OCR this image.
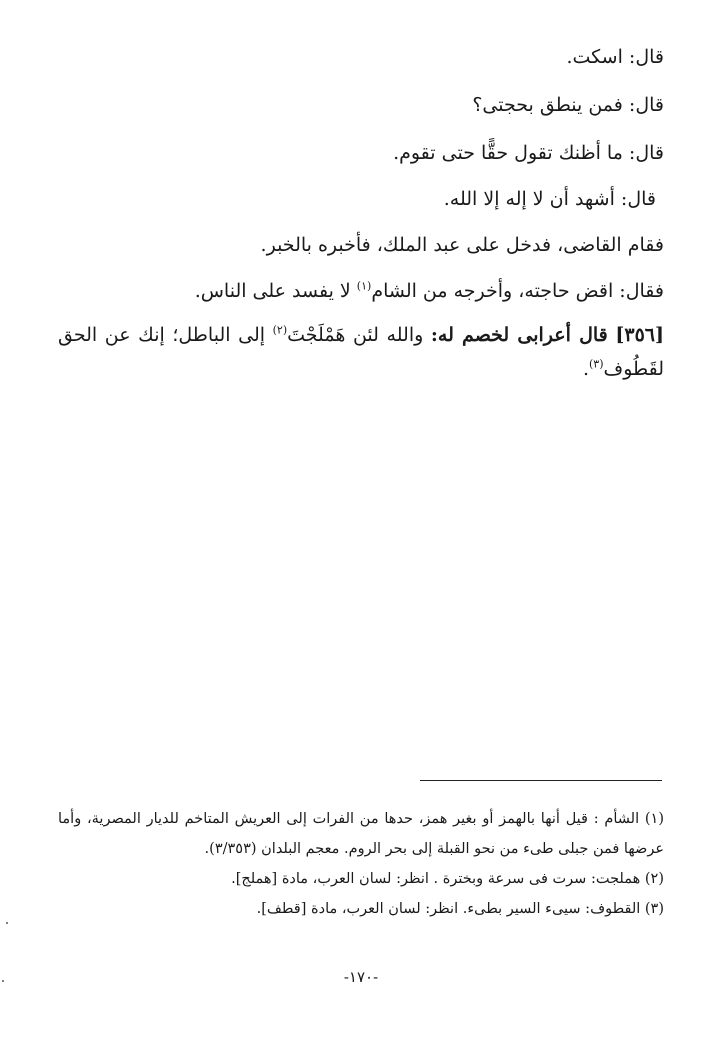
قال: اسكت.
قال: فمن ينطق بحجتى؟
قال: ما أظنك تقول حقًّا حتى تقوم.
قال: أشهد أن لا إله إلا الله.
فقام القاضى، فدخل على عبد الملك، فأخبره بالخبر.
فقال: اقض حاجته، وأخرجه من الشام$^{(١)}$ لا يفسد على الناس.
[٣٥٦] قال أعرابى لخصم له: والله لئن هَمْلَجْتَ$^{(٢)}$ إلى الباطل؛ إنك عن الحق لقَطُوف$^{(٣)}$.

(١) الشأم : قيل أنها بالهمز أو بغير همز، حدها من الفرات إلى العريش المتاخم للديار المصرية، وأما عرضها فمن جبلى طىء من نحو القبلة إلى بحر الروم. معجم البلدان (٣/٣٥٣).

(٢) هملجت: سرت فى سرعة وبخترة . انظر: لسان العرب، مادة [هملج].

(٣) القطوف: سيىء السير بطىء. انظر: لسان العرب، مادة [قطف].

-١٧٠-
